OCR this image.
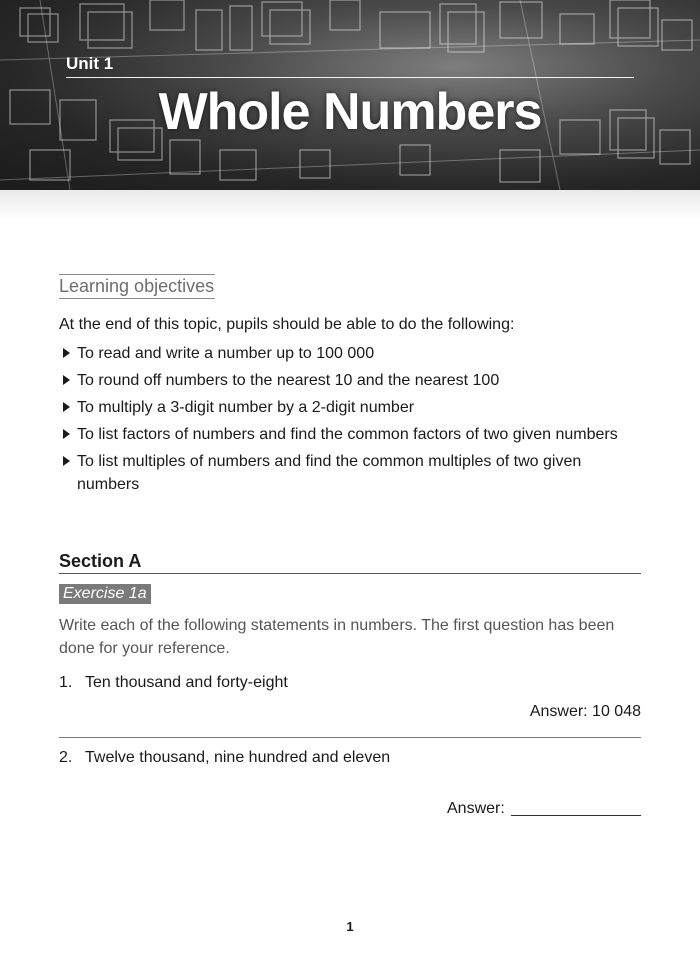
Unit 1
Whole Numbers
Learning objectives
At the end of this topic, pupils should be able to do the following:
To read and write a number up to 100 000
To round off numbers to the nearest 10 and the nearest 100
To multiply a 3-digit number by a 2-digit number
To list factors of numbers and find the common factors of two given numbers
To list multiples of numbers and find the common multiples of two given numbers
Section A
Exercise 1a
Write each of the following statements in numbers. The first question has been done for your reference.
1. Ten thousand and forty-eight
Answer: 10 048
2. Twelve thousand, nine hundred and eleven
Answer:
1
